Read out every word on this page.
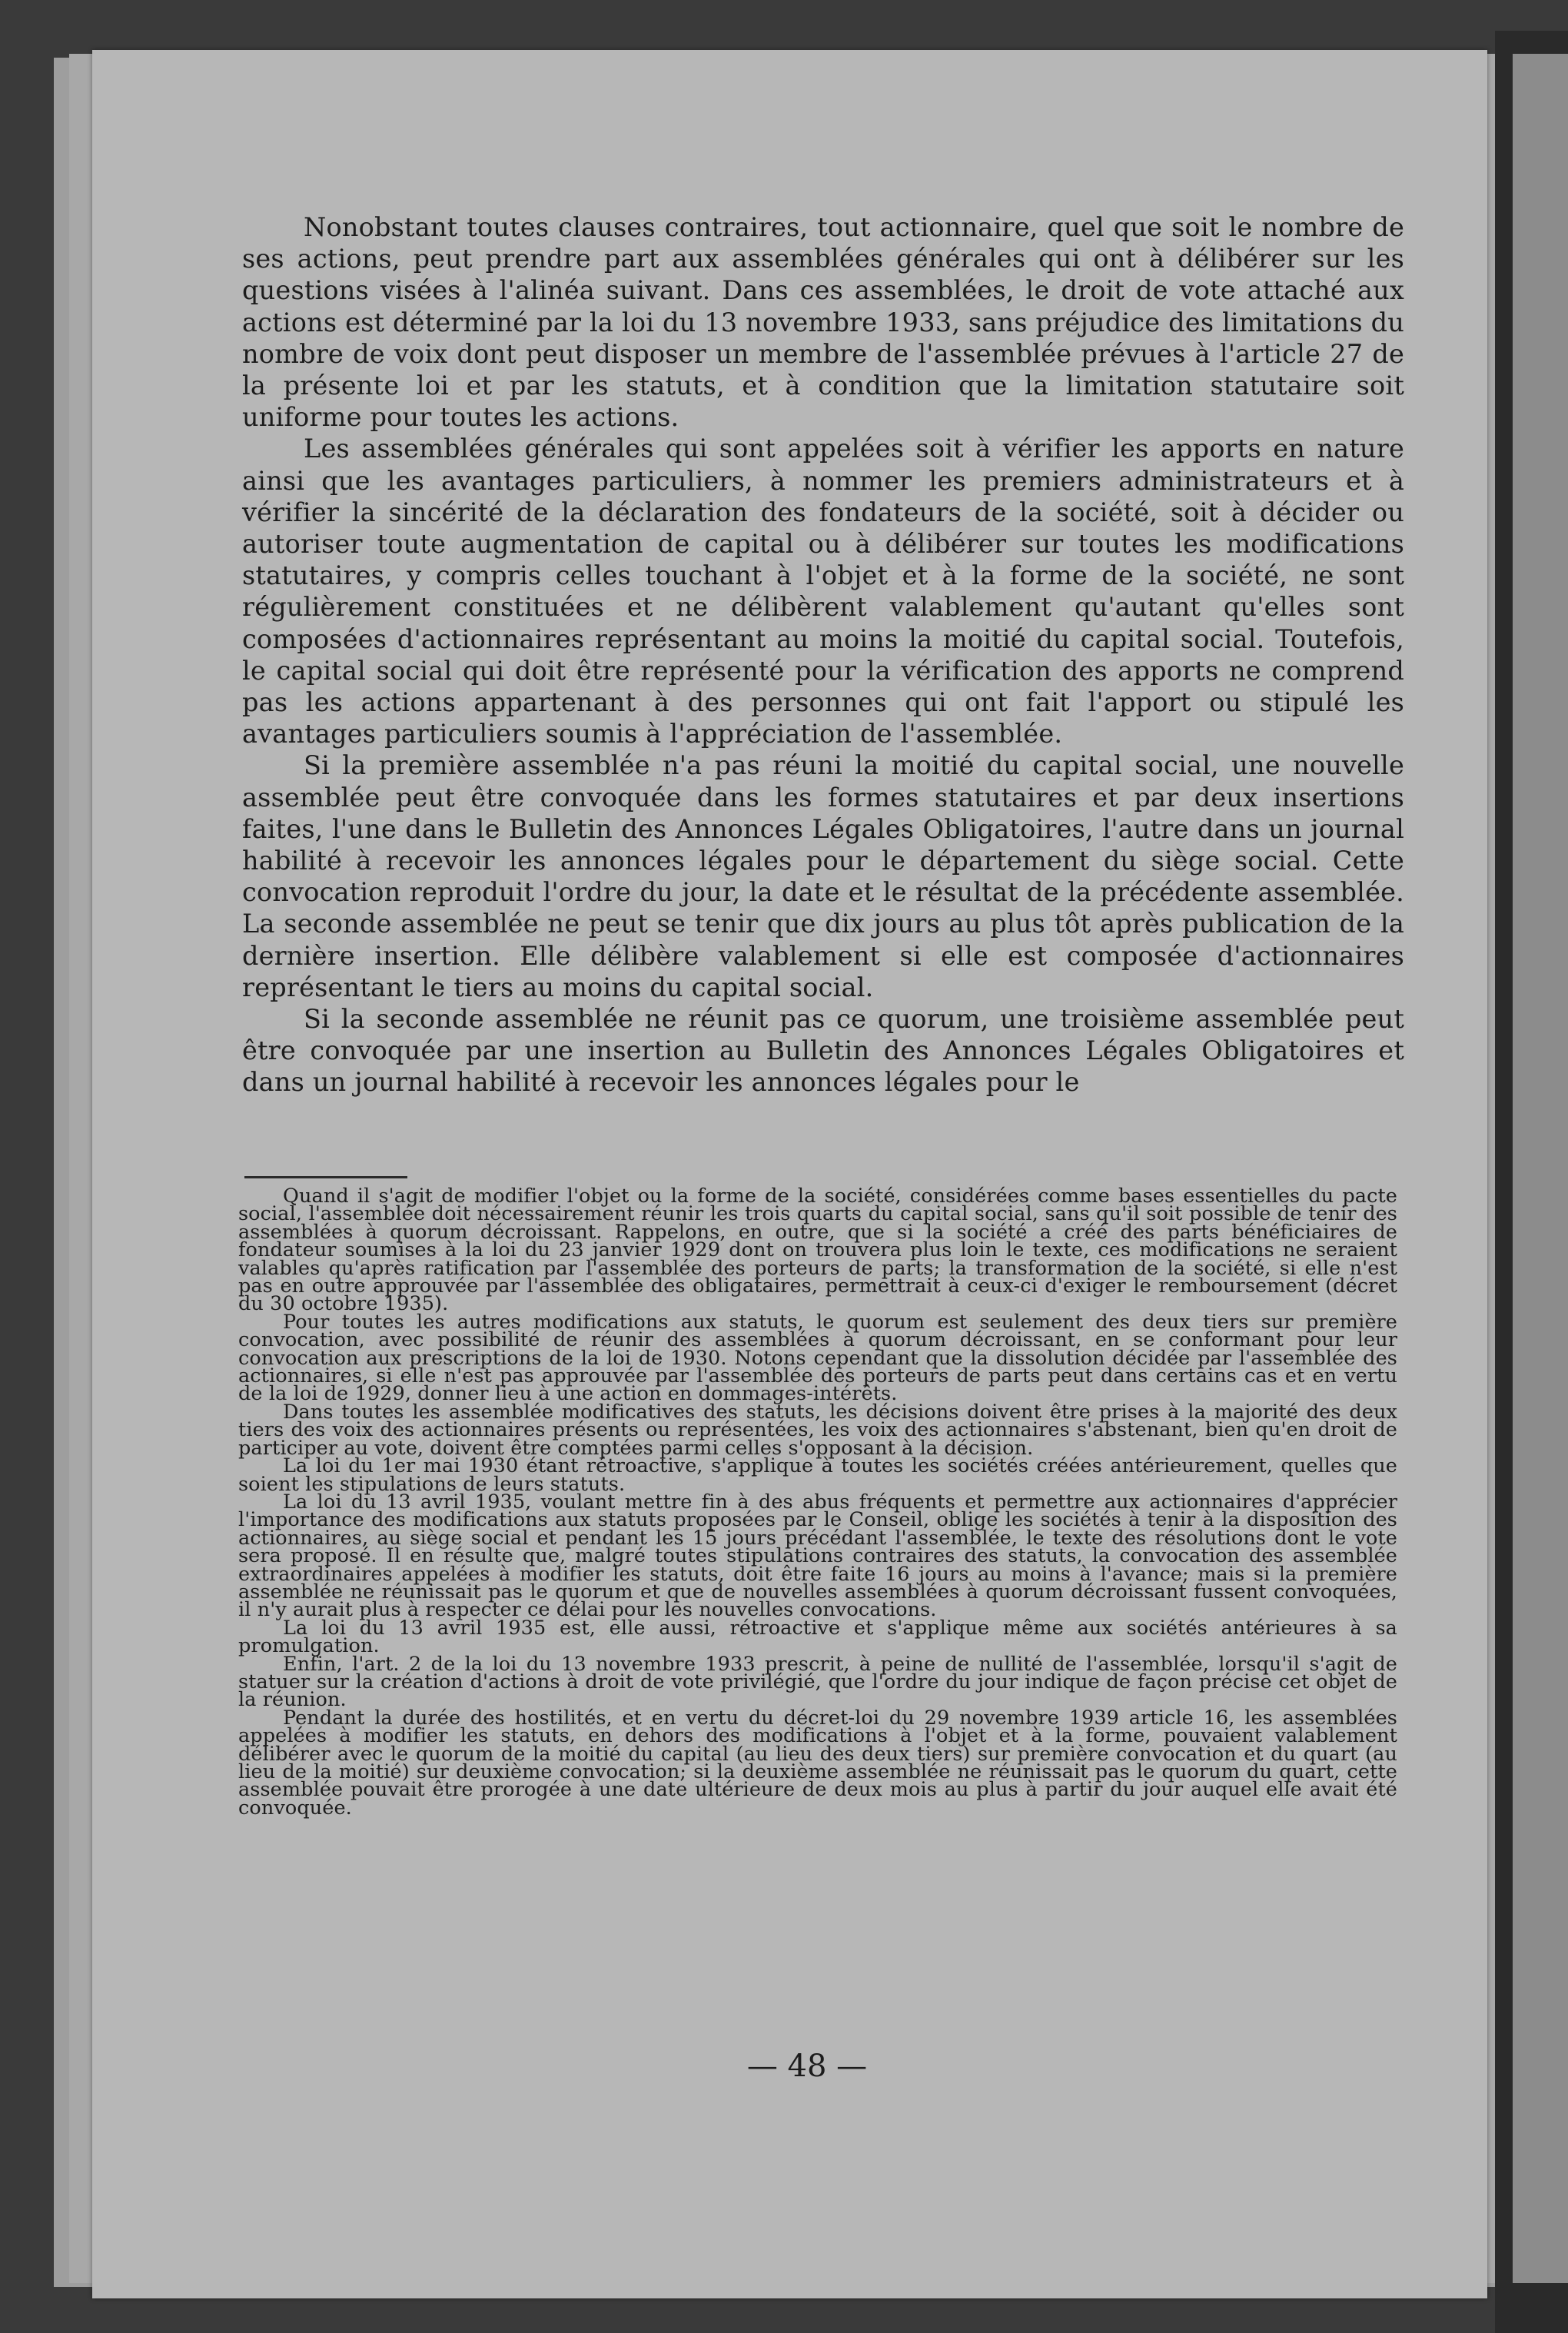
Nonobstant toutes clauses contraires, tout actionnaire, quel que soit le nombre de ses actions, peut prendre part aux assemblées générales qui ont à délibérer sur les questions visées à l'alinéa suivant. Dans ces assemblées, le droit de vote attaché aux actions est déterminé par la loi du 13 novembre 1933, sans préjudice des limitations du nombre de voix dont peut disposer un membre de l'assemblée prévues à l'article 27 de la présente loi et par les statuts, et à condition que la limitation statutaire soit uniforme pour toutes les actions.

Les assemblées générales qui sont appelées soit à vérifier les apports en nature ainsi que les avantages particuliers, à nommer les premiers administrateurs et à vérifier la sincérité de la déclaration des fondateurs de la société, soit à décider ou autoriser toute augmentation de capital ou à délibérer sur toutes les modifications statutaires, y compris celles touchant à l'objet et à la forme de la société, ne sont régulièrement constituées et ne délibèrent valablement qu'autant qu'elles sont composées d'actionnaires représentant au moins la moitié du capital social. Toutefois, le capital social qui doit être représenté pour la vérification des apports ne comprend pas les actions appartenant à des personnes qui ont fait l'apport ou stipulé les avantages particuliers soumis à l'appréciation de l'assemblée.

Si la première assemblée n'a pas réuni la moitié du capital social, une nouvelle assemblée peut être convoquée dans les formes statutaires et par deux insertions faites, l'une dans le Bulletin des Annonces Légales Obligatoires, l'autre dans un journal habilité à recevoir les annonces légales pour le département du siège social. Cette convocation reproduit l'ordre du jour, la date et le résultat de la précédente assemblée. La seconde assemblée ne peut se tenir que dix jours au plus tôt après publication de la dernière insertion. Elle délibère valablement si elle est composée d'actionnaires représentant le tiers au moins du capital social.

Si la seconde assemblée ne réunit pas ce quorum, une troisième assemblée peut être convoquée par une insertion au Bulletin des Annonces Légales Obligatoires et dans un journal habilité à recevoir les annonces légales pour le

Quand il s'agit de modifier l'objet ou la forme de la société, considérées comme bases essentielles du pacte social, l'assemblée doit nécessairement réunir les trois quarts du capital social, sans qu'il soit possible de tenir des assemblées à quorum décroissant. Rappelons, en outre, que si la société a créé des parts bénéficiaires de fondateur soumises à la loi du 23 janvier 1929 dont on trouvera plus loin le texte, ces modifications ne seraient valables qu'après ratification par l'assemblée des porteurs de parts; la transformation de la société, si elle n'est pas en outre approuvée par l'assemblée des obligataires, permettrait à ceux-ci d'exiger le remboursement (décret du 30 octobre 1935).

Pour toutes les autres modifications aux statuts, le quorum est seulement des deux tiers sur première convocation, avec possibilité de réunir des assemblées à quorum décroissant, en se conformant pour leur convocation aux prescriptions de la loi de 1930. Notons cependant que la dissolution décidée par l'assemblée des actionnaires, si elle n'est pas approuvée par l'assemblée des porteurs de parts peut dans certains cas et en vertu de la loi de 1929, donner lieu à une action en dommages-intérêts.

Dans toutes les assemblée modificatives des statuts, les décisions doivent être prises à la majorité des deux tiers des voix des actionnaires présents ou représentées, les voix des actionnaires s'abstenant, bien qu'en droit de participer au vote, doivent être comptées parmi celles s'opposant à la décision.

La loi du 1er mai 1930 étant rétroactive, s'applique à toutes les sociétés créées antérieurement, quelles que soient les stipulations de leurs statuts.

La loi du 13 avril 1935, voulant mettre fin à des abus fréquents et permettre aux actionnaires d'apprécier l'importance des modifications aux statuts proposées par le Conseil, oblige les sociétés à tenir à la disposition des actionnaires, au siège social et pendant les 15 jours précédant l'assemblée, le texte des résolutions dont le vote sera proposé. Il en résulte que, malgré toutes stipulations contraires des statuts, la convocation des assemblée extraordinaires appelées à modifier les statuts, doit être faite 16 jours au moins à l'avance; mais si la première assemblée ne réunissait pas le quorum et que de nouvelles assemblées à quorum décroissant fussent convoquées, il n'y aurait plus à respecter ce délai pour les nouvelles convocations.

La loi du 13 avril 1935 est, elle aussi, rétroactive et s'applique même aux sociétés antérieures à sa promulgation.

Enfin, l'art. 2 de la loi du 13 novembre 1933 prescrit, à peine de nullité de l'assemblée, lorsqu'il s'agit de statuer sur la création d'actions à droit de vote privilégié, que l'ordre du jour indique de façon précise cet objet de la réunion.

Pendant la durée des hostilités, et en vertu du décret-loi du 29 novembre 1939 article 16, les assemblées appelées à modifier les statuts, en dehors des modifications à l'objet et à la forme, pouvaient valablement délibérer avec le quorum de la moitié du capital (au lieu des deux tiers) sur première convocation et du quart (au lieu de la moitié) sur deuxième convocation; si la deuxième assemblée ne réunissait pas le quorum du quart, cette assemblée pouvait être prorogée à une date ultérieure de deux mois au plus à partir du jour auquel elle avait été convoquée.

— 48 —
